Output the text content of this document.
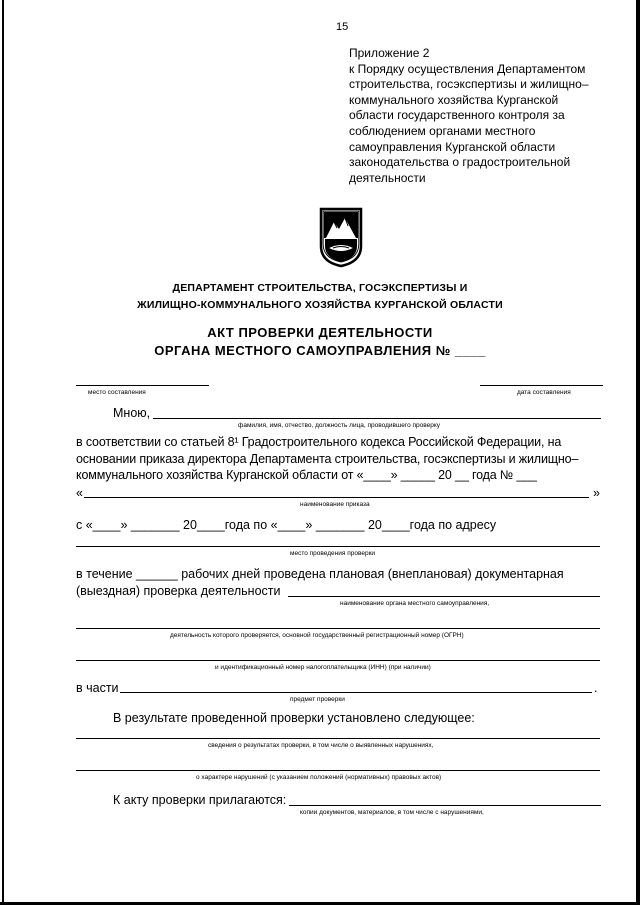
15
Приложение 2
к Порядку осуществления Департаментом
строительства, госэкспертизы и жилищно–
коммунального хозяйства Курганской
области государственного контроля за
соблюдением органами местного
самоуправления Курганской области
законодательства о градостроительной
деятельности
ДЕПАРТАМЕНТ СТРОИТЕЛЬСТВА, ГОСЭКСПЕРТИЗЫ И
ЖИЛИЩНО-КОММУНАЛЬНОГО ХОЗЯЙСТВА КУРГАНСКОЙ ОБЛАСТИ
АКТ ПРОВЕРКИ ДЕЯТЕЛЬНОСТИ
ОРГАНА МЕСТНОГО САМОУПРАВЛЕНИЯ № ____
место составления	дата составления
Мною,
фамилия, имя, отчество, должность лица, проводившего проверку
в соответствии со статьей 8¹ Градостроительного кодекса Российской Федерации, на
основании приказа директора Департамента строительства, госэкспертизы и жилищно–
коммунального хозяйства Курганской области от «____» _____ 20 __ года № ___
«	»
наименование приказа
с «____» _______ 20____года по «____» _______ 20____года по адресу
место проведения проверки
в течение ______ рабочих дней проведена плановая (внеплановая) документарная
(выездная) проверка деятельности
наименование органа местного самоуправления,
деятельность которого проверяется, основной государственный регистрационный номер (ОГРН)
и идентификационный номер налогоплательщика (ИНН) (при наличии)
в части	.
предмет проверки
В результате проведенной проверки установлено следующее:
сведения о результатах проверки, в том числе о выявленных нарушениях,
о характере нарушений (с указанием положений (нормативных) правовых актов)
К акту проверки прилагаются:
копии документов, материалов, в том числе с нарушениями,
